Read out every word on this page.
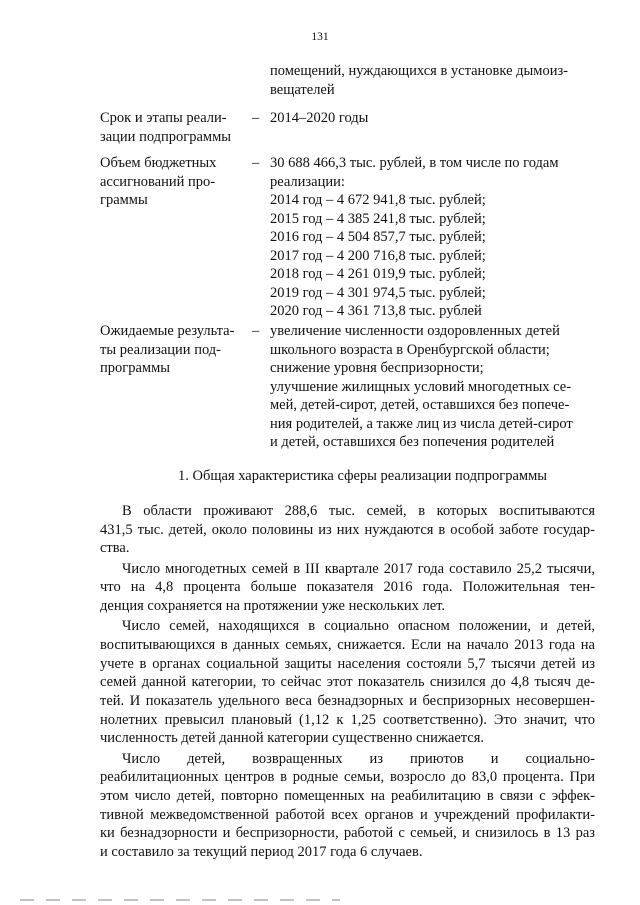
131
помещений, нуждающихся в установке дымоиз-
вещателей
Срок и этапы реали-
зации подпрограммы
– 2014–2020 годы
Объем бюджетных
ассигнований про-
граммы
– 30 688 466,3 тыс. рублей, в том числе по годам
реализации:
2014 год – 4 672 941,8 тыс. рублей;
2015 год – 4 385 241,8 тыс. рублей;
2016 год – 4 504 857,7 тыс. рублей;
2017 год – 4 200 716,8 тыс. рублей;
2018 год – 4 261 019,9 тыс. рублей;
2019 год – 4 301 974,5 тыс. рублей;
2020 год – 4 361 713,8 тыс. рублей
Ожидаемые результа-
ты реализации под-
программы
– увеличение численности оздоровленных детей
школьного возраста в Оренбургской области;
снижение уровня беспризорности;
улучшение жилищных условий многодетных се-
мей, детей-сирот, детей, оставшихся без попече-
ния родителей, а также лиц из числа детей-сирот
и детей, оставшихся без попечения родителей
1. Общая характеристика сферы реализации подпрограммы
В области проживают 288,6 тыс. семей, в которых воспитываются
431,5 тыс. детей, около половины из них нуждаются в особой заботе государ-
ства.
Число многодетных семей в III квартале 2017 года составило 25,2 тысячи,
что на 4,8 процента больше показателя 2016 года. Положительная тен-
денция сохраняется на протяжении уже нескольких лет.
Число семей, находящихся в социально опасном положении, и детей,
воспитывающихся в данных семьях, снижается. Если на начало 2013 года на
учете в органах социальной защиты населения состояли 5,7 тысячи детей из
семей данной категории, то сейчас этот показатель снизился до 4,8 тысяч де-
тей. И показатель удельного веса безнадзорных и беспризорных несовершен-
нолетних превысил плановый (1,12 к 1,25 соответственно). Это значит, что
численность детей данной категории существенно снижается.
Число детей, возвращенных из приютов и социально-
реабилитационных центров в родные семьи, возросло до 83,0 процента. При
этом число детей, повторно помещенных на реабилитацию в связи с эффек-
тивной межведомственной работой всех органов и учреждений профилакти-
ки безнадзорности и беспризорности, работой с семьей, и снизилось в 13 раз
и составило за текущий период 2017 года 6 случаев.
